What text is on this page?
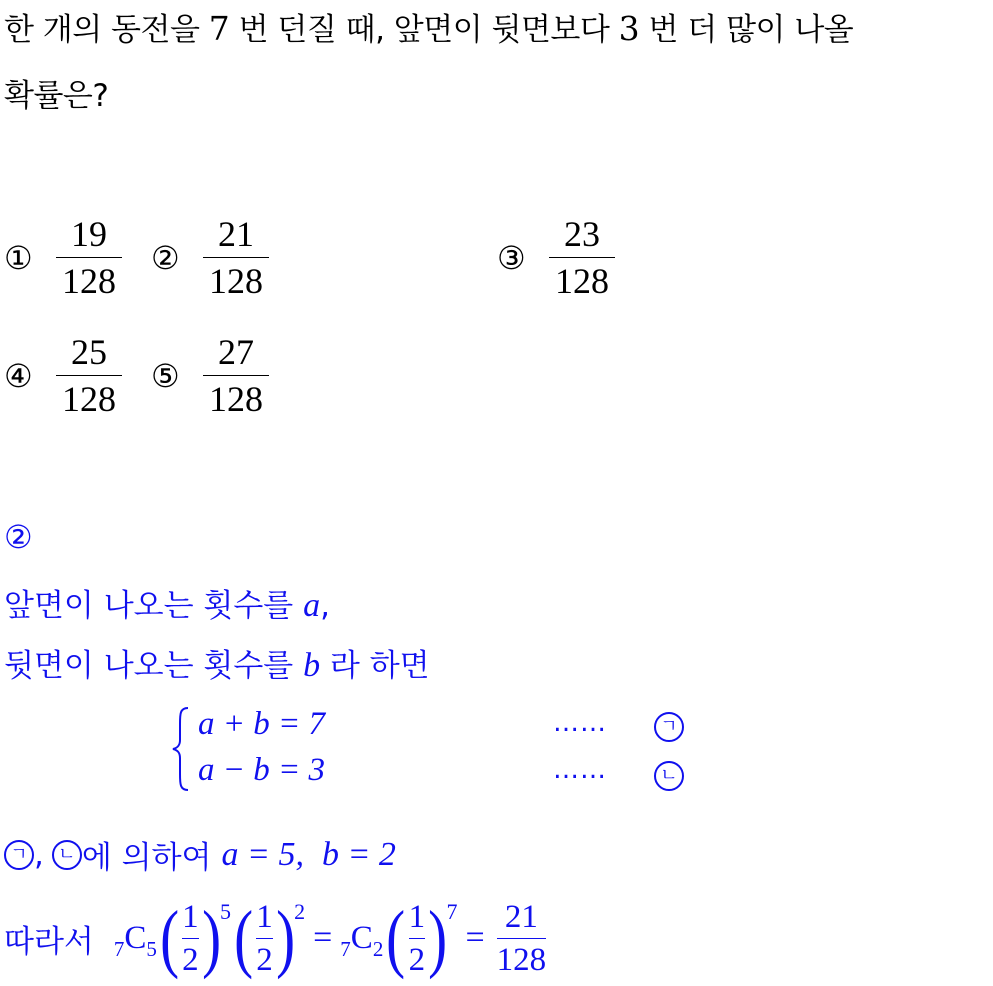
한 개의 동전을 7 번 던질 때, 앞면이 뒷면보다 3 번 더 많이 나올
확률은?
① $\frac{19}{128}$ ② $\frac{21}{128}$	③ $\frac{23}{128}$
④ $\frac{25}{128}$ ⑤ $\frac{27}{128}$
②
앞면이 나오는 횟수를 a,
뒷면이 나오는 횟수를 b 라 하면
a + b = 7
a − b = 3
……
……
ㄱ
ㄴ
ㄱ , ㄴ 에 의하여 a = 5, b = 2
따라서 7 C 5 ( $\frac{1}{2}$ ) 5 ( $\frac{1}{2}$ ) 2
= 7 C 2 ( $\frac{1}{2}$ ) 7
= $\frac{21}{128}$
